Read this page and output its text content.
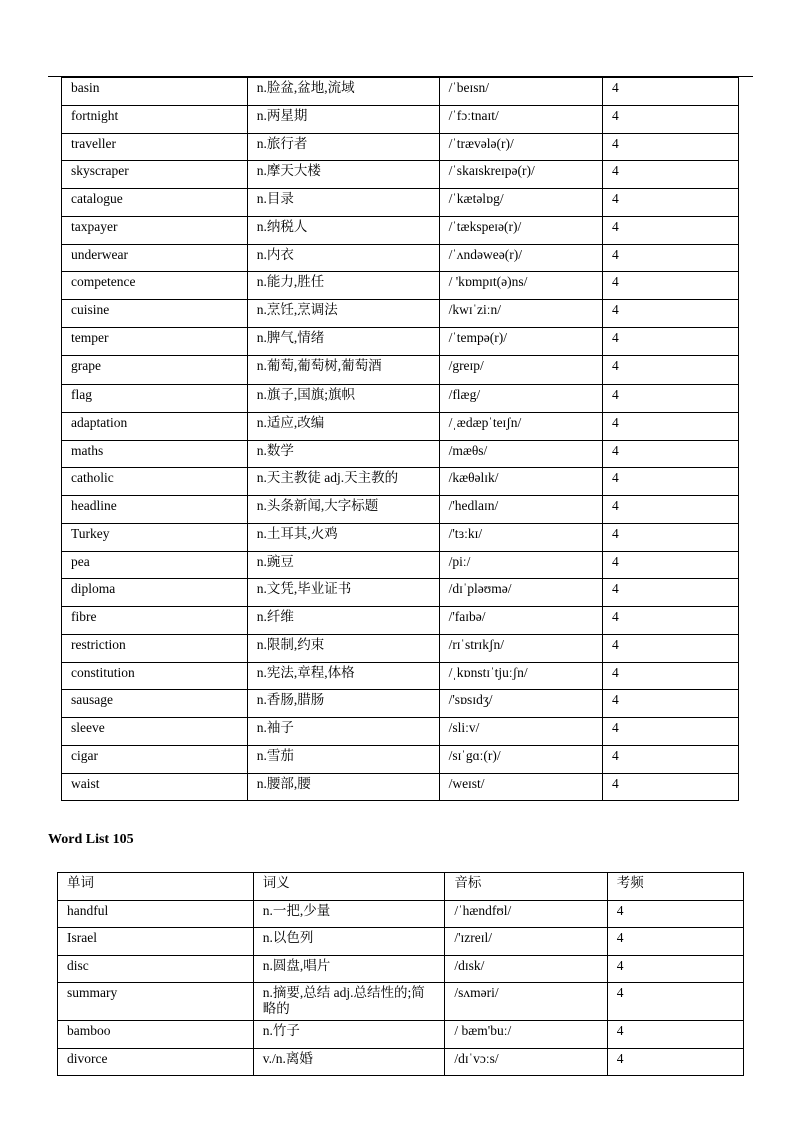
basin	n.脸盆,盆地,流域	/ˈbeɪsn/	4
fortnight	n.两星期	/ˈfɔːtnaɪt/	4
traveller	n.旅行者	/ˈtrævələ(r)/	4
skyscraper	n.摩天大楼	/ˈskaɪskreɪpə(r)/	4
catalogue	n.目录	/ˈkætəlɒg/	4
taxpayer	n.纳税人	/ˈtækspeɪə(r)/	4
underwear	n.内衣	/ˈʌndəweə(r)/	4
competence	n.能力,胜任	/ 'kɒmpɪt(ə)ns/	4
cuisine	n.烹饪,烹调法	/kwɪˈziːn/	4
temper	n.脾气,情绪	/ˈtempə(r)/	4
grape	n.葡萄,葡萄树,葡萄酒	/greɪp/	4
flag	n.旗子,国旗;旗帜	/flæg/	4
adaptation	n.适应,改编	/ˌædæpˈteɪʃn/	4
maths	n.数学	/mæθs/	4
catholic	n.天主教徒 adj.天主教的	/kæθəlɪk/	4
headline	n.头条新闻,大字标题	/'hedlaɪn/	4
Turkey	n.土耳其,火鸡	/'tɜːkɪ/	4
pea	n.豌豆	/piː/	4
diploma	n.文凭,毕业证书	/dɪˈpləʊmə/	4
fibre	n.纤维	/'faɪbə/	4
restriction	n.限制,约束	/rɪˈstrɪkʃn/	4
constitution	n.宪法,章程,体格	/ˌkɒnstɪˈtjuːʃn/	4
sausage	n.香肠,腊肠	/'sɒsɪdʒ/	4
sleeve	n.袖子	/sliːv/	4
cigar	n.雪茄	/sɪˈgɑː(r)/	4
waist	n.腰部,腰	/weɪst/	4
Word List 105
单词	词义	音标	考频
handful	n.一把,少量	/ˈhændfʊl/	4
Israel	n.以色列	/'ɪzreɪl/	4
disc	n.圆盘,唱片	/dɪsk/	4
summary	n.摘要,总结 adj.总结性的;简略的	/sʌməri/	4
bamboo	n.竹子	/ bæm'buː/	4
divorce	v./n.离婚	/dɪˈvɔːs/	4
